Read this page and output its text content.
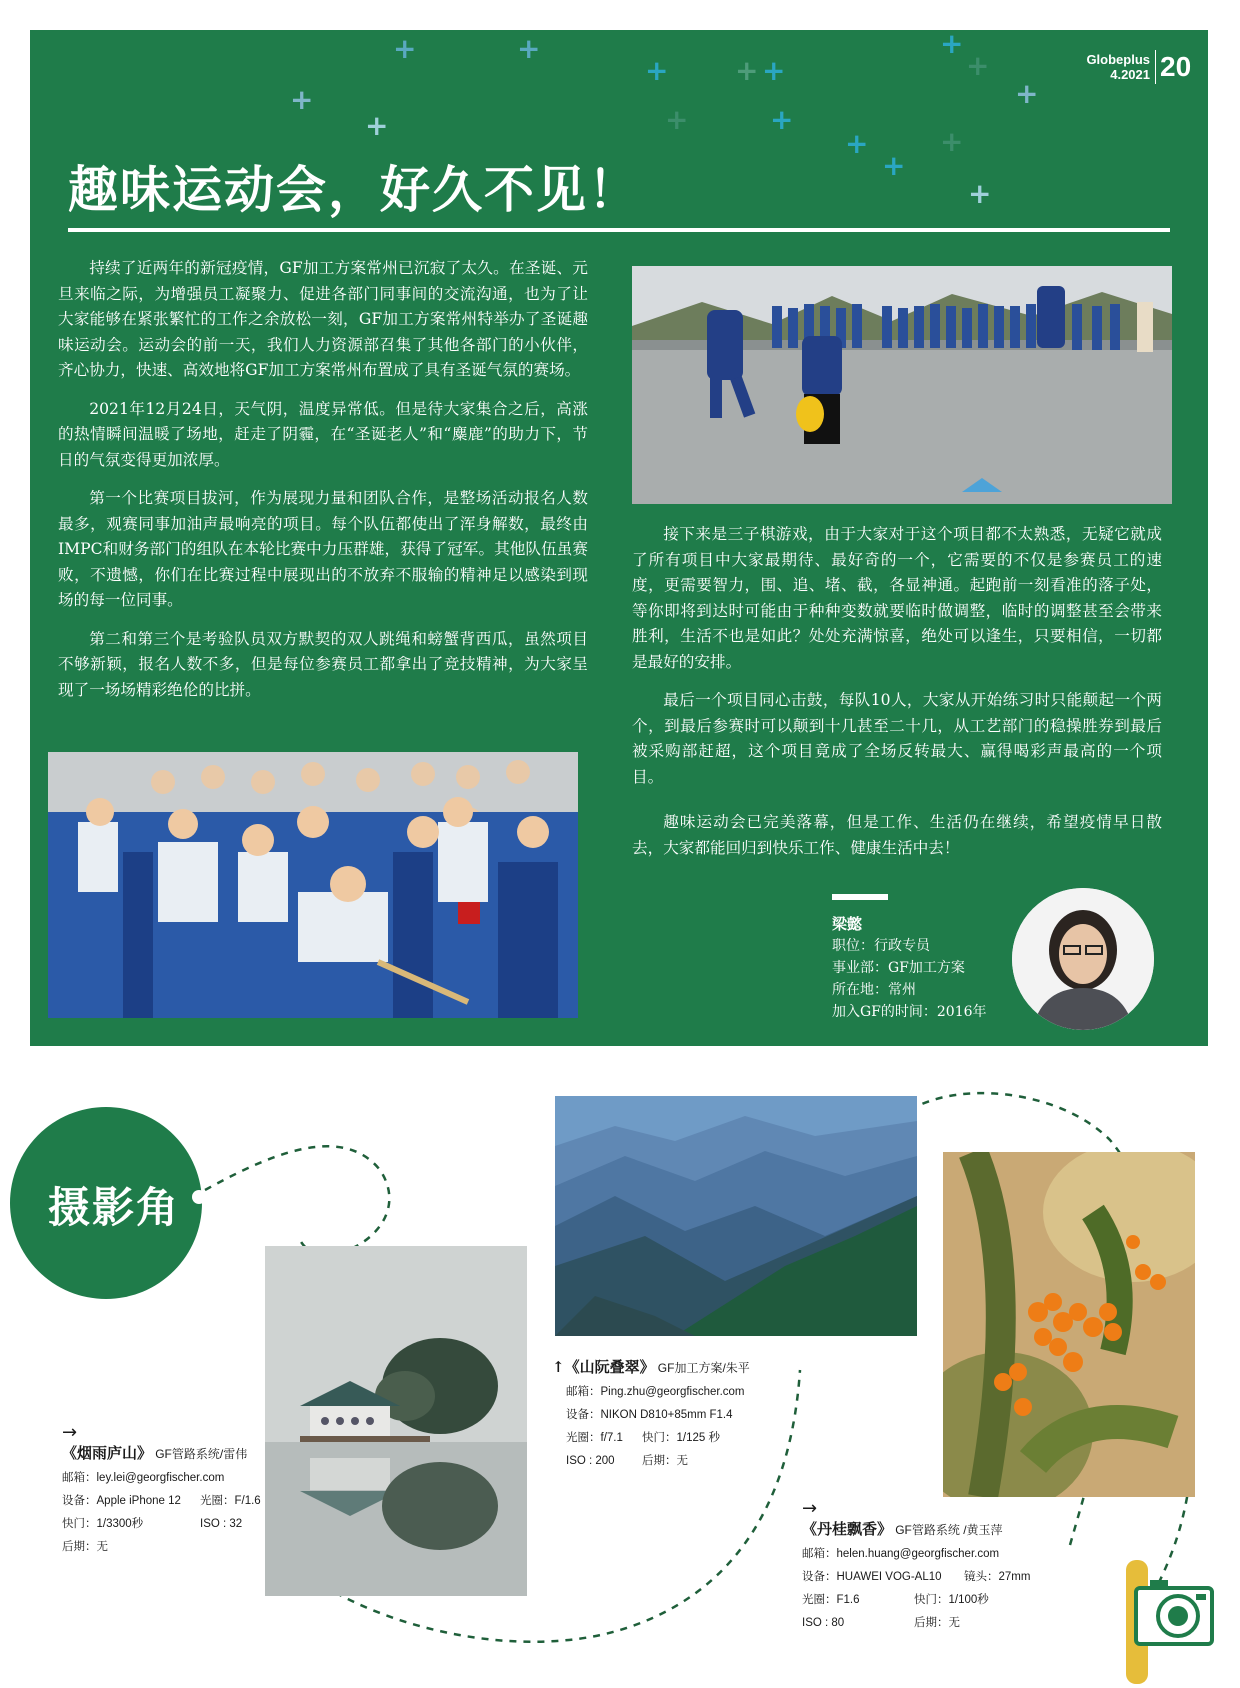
+	+
+ + +
+
+
+
+
+	+
+
+	+
+
+
Globeplus
4.2021 20
趣味运动会，好久不见！

持续了近两年的新冠疫情，GF加工方案常州已沉寂了太久。在圣诞、元旦来临之际，为增强员工凝聚力、促进各部门同事间的交流沟通，也为了让大家能够在紧张繁忙的工作之余放松一刻，GF加工方案常州特举办了圣诞趣味运动会。运动会的前一天，我们人力资源部召集了其他各部门的小伙伴，齐心协力，快速、高效地将GF加工方案常州布置成了具有圣诞气氛的赛场。

2021年12月24日，天气阴，温度异常低。但是待大家集合之后，高涨的热情瞬间温暖了场地，赶走了阴霾，在“圣诞老人”和“麋鹿”的助力下，节日的气氛变得更加浓厚。

第一个比赛项目拔河，作为展现力量和团队合作，是整场活动报名人数最多，观赛同事加油声最响亮的项目。每个队伍都使出了浑身解数，最终由IMPC和财务部门的组队在本轮比赛中力压群雄，获得了冠军。其他队伍虽赛败，不遗憾，你们在比赛过程中展现出的不放弃不服输的精神足以感染到现场的每一位同事。

第二和第三个是考验队员双方默契的双人跳绳和螃蟹背西瓜，虽然项目不够新颖，报名人数不多，但是每位参赛员工都拿出了竞技精神，为大家呈现了一场场精彩绝伦的比拼。

接下来是三子棋游戏，由于大家对于这个项目都不太熟悉，无疑它就成了所有项目中大家最期待、最好奇的一个，它需要的不仅是参赛员工的速度，更需要智力，围、追、堵、截，各显神通。起跑前一刻看准的落子处，等你即将到达时可能由于种种变数就要临时做调整，临时的调整甚至会带来胜利，生活不也是如此？处处充满惊喜，绝处可以逢生，只要相信，一切都是最好的安排。

最后一个项目同心击鼓，每队10人，大家从开始练习时只能颠起一个两个，到最后参赛时可以颠到十几甚至二十几，从工艺部门的稳操胜券到最后被采购部赶超，这个项目竟成了全场反转最大、赢得喝彩声最高的一个项目。

趣味运动会已完美落幕，但是工作、生活仍在继续，希望疫情早日散去，大家都能回归到快乐工作、健康生活中去！

梁懿
职位：行政专员
事业部：GF加工方案
所在地：常州
加入GF的时间：2016年
摄影角
→
《烟雨庐山》 GF管路系统/雷伟
邮箱：ley.lei@georgfischer.com
设备：Apple iPhone 12 光圈：F/1.6
快门：1/3300秒	ISO : 32
后期：无
↑《山阮叠翠》 GF加工方案/朱平
邮箱：Ping.zhu@georgfischer.com
设备：NIKON D810+85mm F1.4
光圈：f/7.1 快门：1/125 秒
ISO : 200 后期：无
→
《丹桂飘香》 GF管路系统 /黄玉萍
邮箱：helen.huang@georgfischer.com
设备：HUAWEI VOG-AL10 镜头：27mm
光圈：F1.6	快门：1/100秒
ISO : 80	后期：无
